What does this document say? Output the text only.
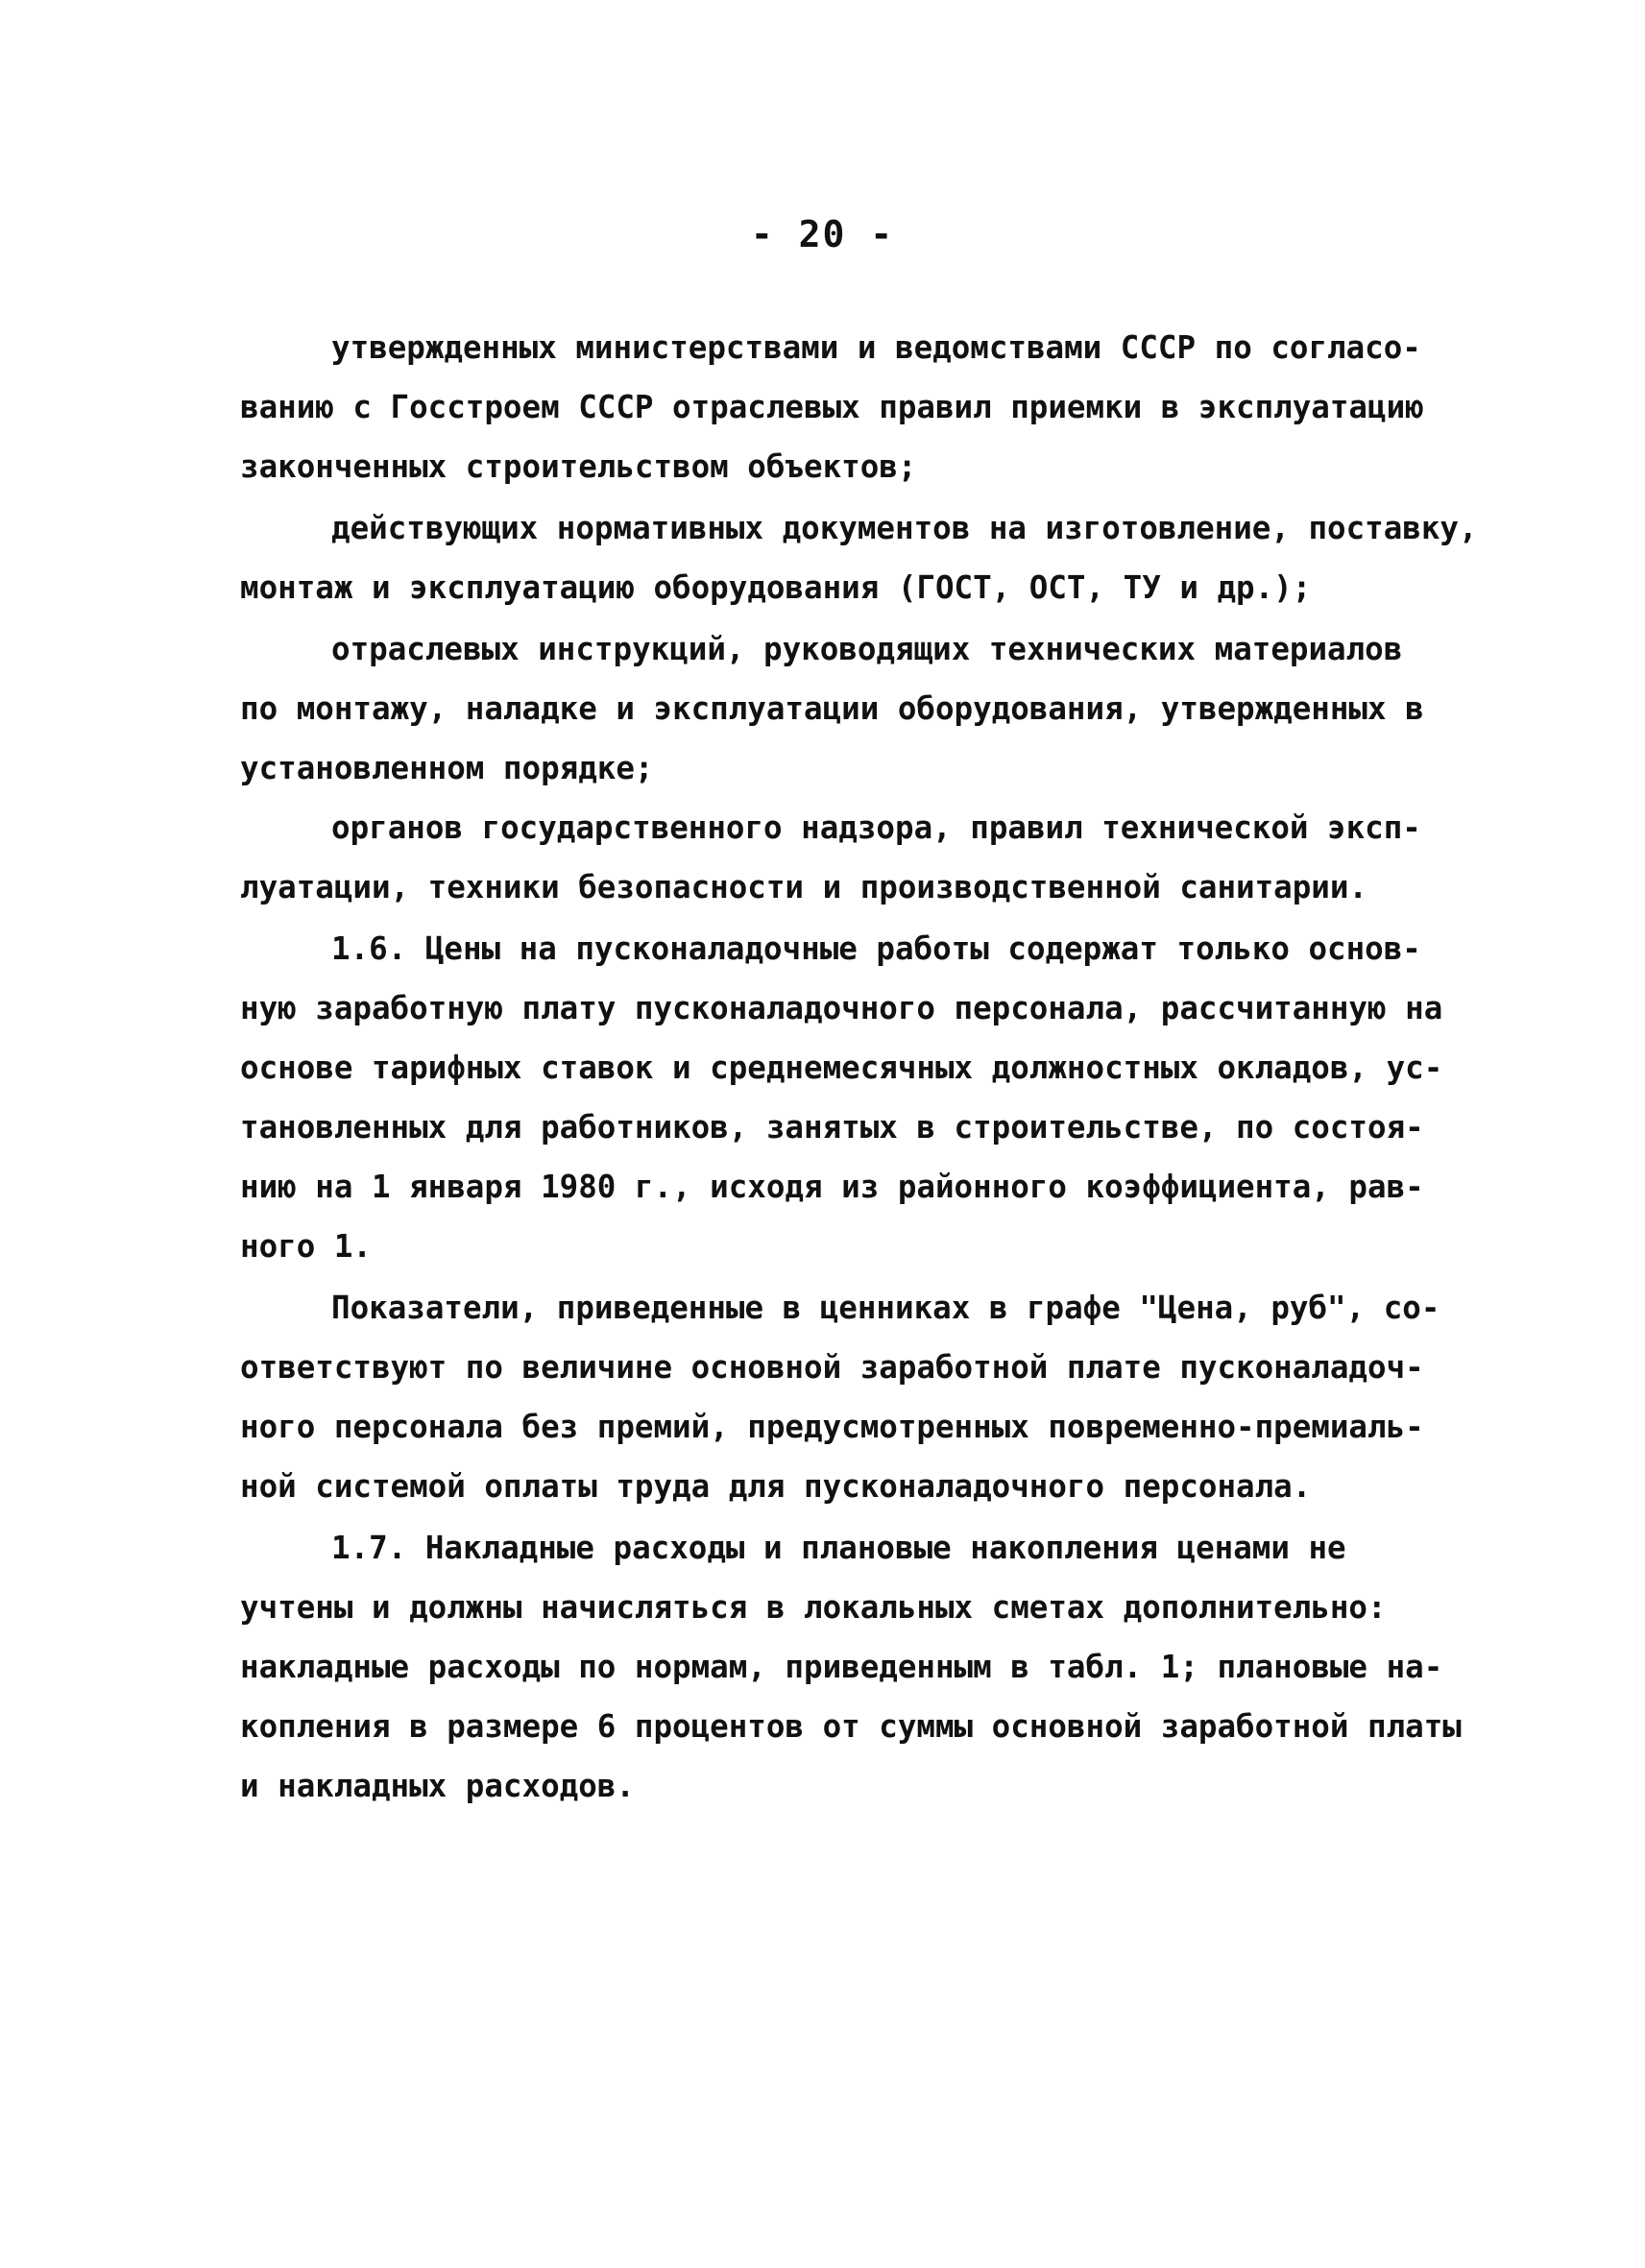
- 20 -
утвержденных министерствами и ведомствами СССР по согласо-
ванию с Госстроем СССР отраслевых правил приемки в эксплуатацию
законченных строительством объектов;
действующих нормативных документов на изготовление, поставку,
монтаж и эксплуатацию оборудования (ГОСТ, ОСТ, ТУ и др.);
отраслевых инструкций, руководящих технических материалов
по монтажу, наладке и эксплуатации оборудования, утвержденных в
установленном порядке;
органов государственного надзора, правил технической эксп-
луатации, техники безопасности и производственной санитарии.
1.6. Цены на пусконаладочные работы содержат только основ-
ную заработную плату пусконаладочного персонала, рассчитанную на
основе тарифных ставок и среднемесячных должностных окладов, ус-
тановленных для работников, занятых в строительстве, по состоя-
нию на 1 января 1980 г., исходя из районного коэффициента, рав-
ного 1.
Показатели, приведенные в ценниках в графе "Цена, руб", со-
ответствуют по величине основной заработной плате пусконаладоч-
ного персонала без премий, предусмотренных повременно-премиаль-
ной системой оплаты труда для пусконаладочного персонала.
1.7. Накладные расходы и плановые накопления ценами не
учтены и должны начисляться в локальных сметах дополнительно:
накладные расходы по нормам, приведенным в табл. 1; плановые на-
копления в размере 6 процентов от суммы основной заработной платы
и накладных расходов.
